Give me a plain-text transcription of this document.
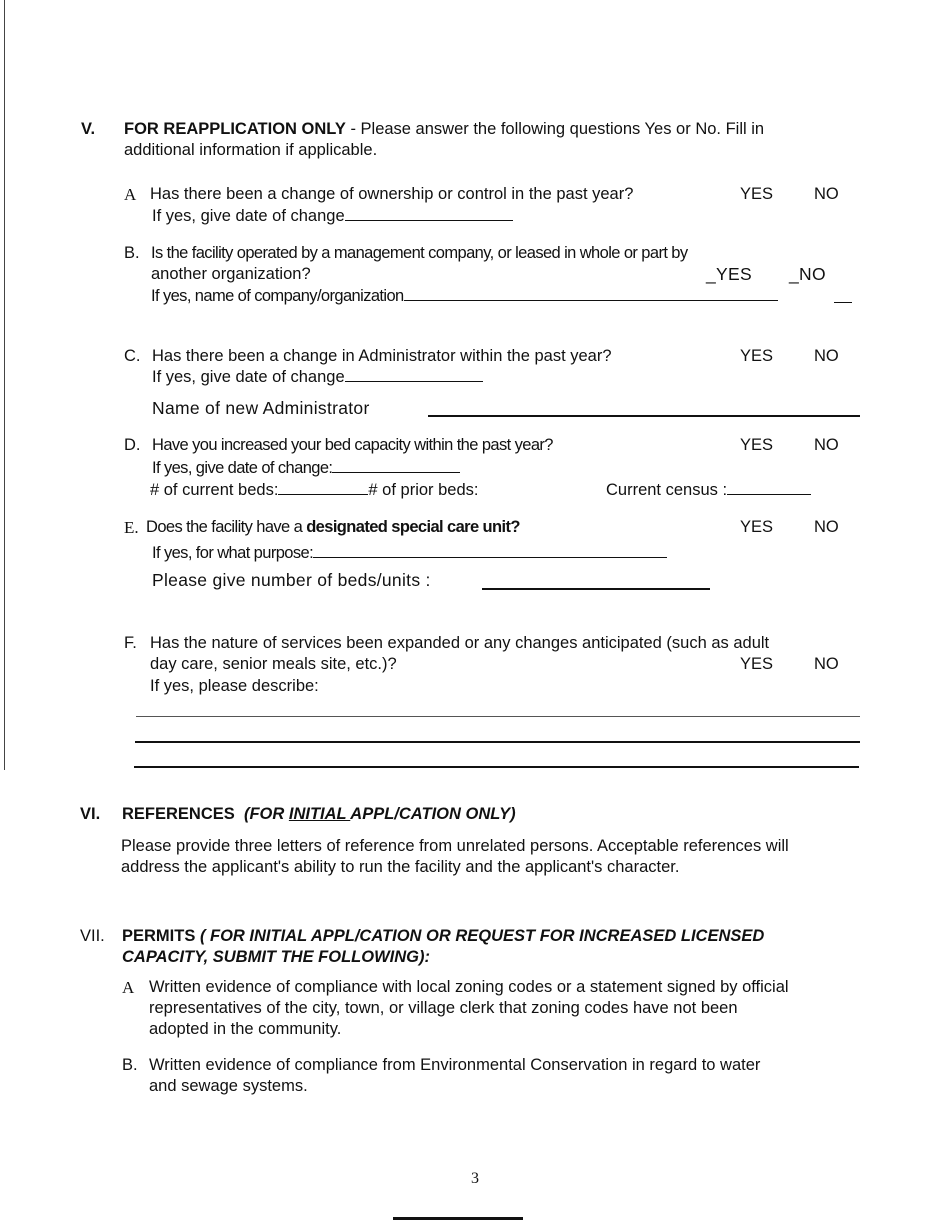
V. FOR REAPPLICATION ONLY - Please answer the following questions Yes or No. Fill in
additional information if applicable.
A Has there been a change of ownership or control in the past year?	YES NO
If yes, give date of change
B. Is the facility operated by a management company, or leased in whole or part by
another organization?	_YES _NO
If yes, name of company/organization
C. Has there been a change in Administrator within the past year?	YES NO
If yes, give date of change
Name of new Administrator
D. Have you increased your bed capacity within the past year?	YES NO
If yes, give date of change:
# of current beds:	# of prior beds:	Current census :
E. Does the facility have a designated special care unit?	YES NO
If yes, for what purpose:
Please give number of beds/units :
F. Has the nature of services been expanded or any changes anticipated (such as adult
day care, senior meals site, etc.)?	YES NO
If yes, please describe:
VI. REFERENCES (FOR INITIAL APPL/CATION ONLY)
Please provide three letters of reference from unrelated persons. Acceptable references will address the applicant's ability to run the facility and the applicant's character.
VII. PERMITS ( FOR INITIAL APPL/CATION OR REQUEST FOR INCREASED LICENSED
CAPACITY, SUBMIT THE FOLLOWING):
A Written evidence of compliance with local zoning codes or a statement signed by official
representatives of the city, town, or village clerk that zoning codes have not been
adopted in the community.
B. Written evidence of compliance from Environmental Conservation in regard to water
and sewage systems.
3
